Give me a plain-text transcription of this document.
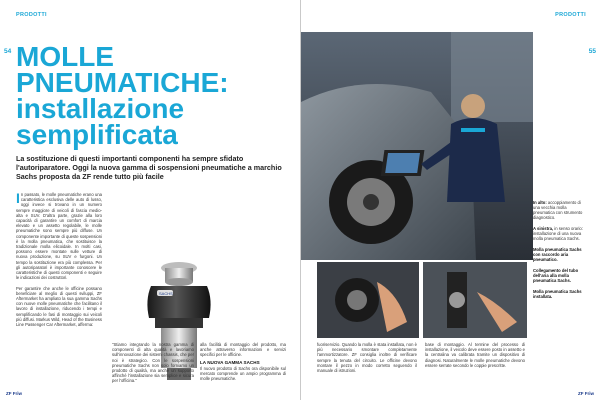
PRODOTTI
54 MOLLE PNEUMATICHE: installazione semplificata
La sostituzione di questi importanti componenti ha sempre sfidato l'autoriparatore. Oggi la nuova gamma di sospensioni pneumatiche a marchio Sachs proposta da ZF rende tutto più facile
I n passato, le molle pneumatiche erano una caratteristica esclusiva delle auto di lusso, oggi invece si trovano in un numero sempre maggiore di veicoli di fascia medio-alta e SUV. D'altra parte, grazie alla loro capacità di garantire un comfort di marcia elevato e un assetto regolabile, le molle pneumatiche sono sempre più diffuse. Un componente importante di queste sospensioni è la molla pneumatica, che sostituisce la tradizionale molla elicoidale. In molti casi, possono essere montate sulle vetture di nuova produzione, su SUV e furgoni. Un tempo la sostituzione era più complessa. Per gli autoriparatori è importante conoscere le caratteristiche di questi componenti e seguire le indicazioni dei costruttori.

Per garantire che anche le officine possano beneficiare al meglio di questi sviluppi, ZF Aftermarket ha ampliato la sua gamma Sachs con nuove molle pneumatiche che facilitano il lavoro di installazione, riducendo i tempi e semplificando le fasi di montaggio sui veicoli più diffusi. Markus Wild, Head of the Business Line Passenger Car Aftermarket, afferma:
SACHS
"Stiamo integrando la nostra gamma di componenti di alta qualità e lavoriamo sull'innovazione dei sistemi chassis, che per noi è strategico. Con le sospensioni pneumatiche Sachs non solo forniamo un prodotto di qualità, ma anche un supporto affinché l'installazione sia semplice e sicura per l'officina."
alla facilità di montaggio del prodotto, ma anche attraverso informazioni e servizi specifici per le officine.
LA NUOVA GAMMA SACHS
Il nuovo prodotto di Sachs ora disponibile sul mercato comprende un ampio programma di molle pneumatiche.
ZF Friw
PRODOTTI
55

In alto: accoppiamento di una vecchia molla pneumatica con strumento diagnostico.

A sinistra, in senso orario: installazione di una nuova molla pneumatica Sachs.

Molla pneumatica Sachs con raccordo aria pneumatico.

Collegamento del tubo dell'aria alla molla pneumatica Sachs.

Molla pneumatica Sachs installata.

fuoriservizio. Quando la molla è stata installata, non è più necessario smontare completamente l'ammortizzatore. ZF consiglia inoltre di verificare sempre la tenuta del circuito. Le officine devono montare il pezzo in modo corretto seguendo il manuale di istruzioni.
base di montaggio. Al termine del processo di installazione, il veicolo deve essere posto in assetto e la centralina va calibrata tramite un dispositivo di diagnosi. Naturalmente le molle pneumatiche devono essere serrate secondo le coppie prescritte.
ZF Friw
